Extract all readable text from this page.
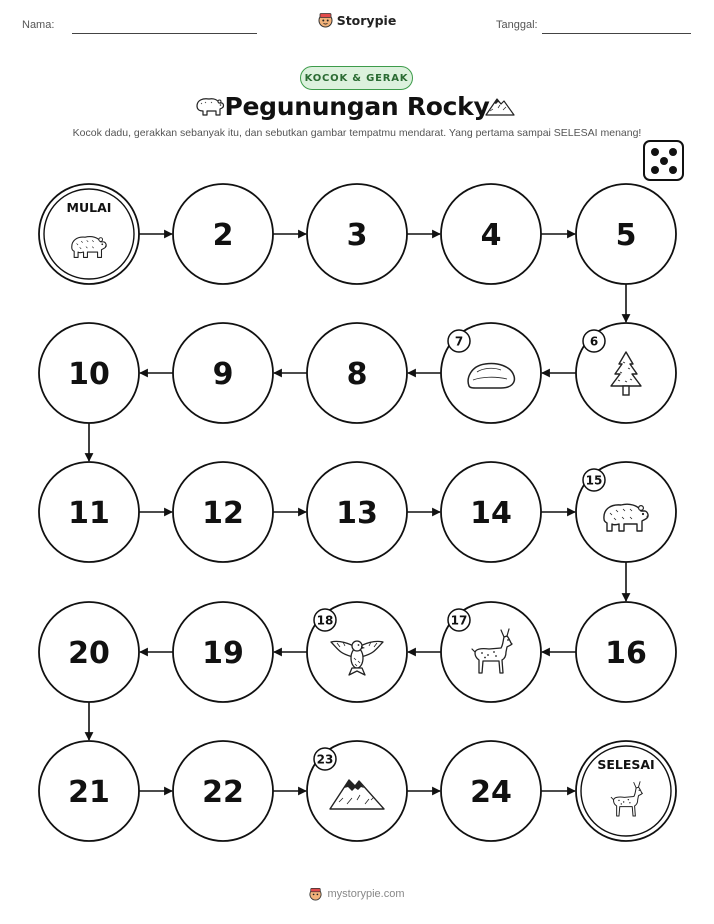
Nama:	Storypie	Tanggal:
KOCOK & GERAK
Pegunungan Rocky
Kocok dadu, gerakkan sebanyak itu, dan sebutkan gambar tempatmu mendarat. Yang pertama sampai SELESAI menang!
MULAI
2	3	4	5
6
7
8
9
10
11	12	13	14
15
16
17
18
19
20
21	22
23
24
SELESAI
mystorypie.com
